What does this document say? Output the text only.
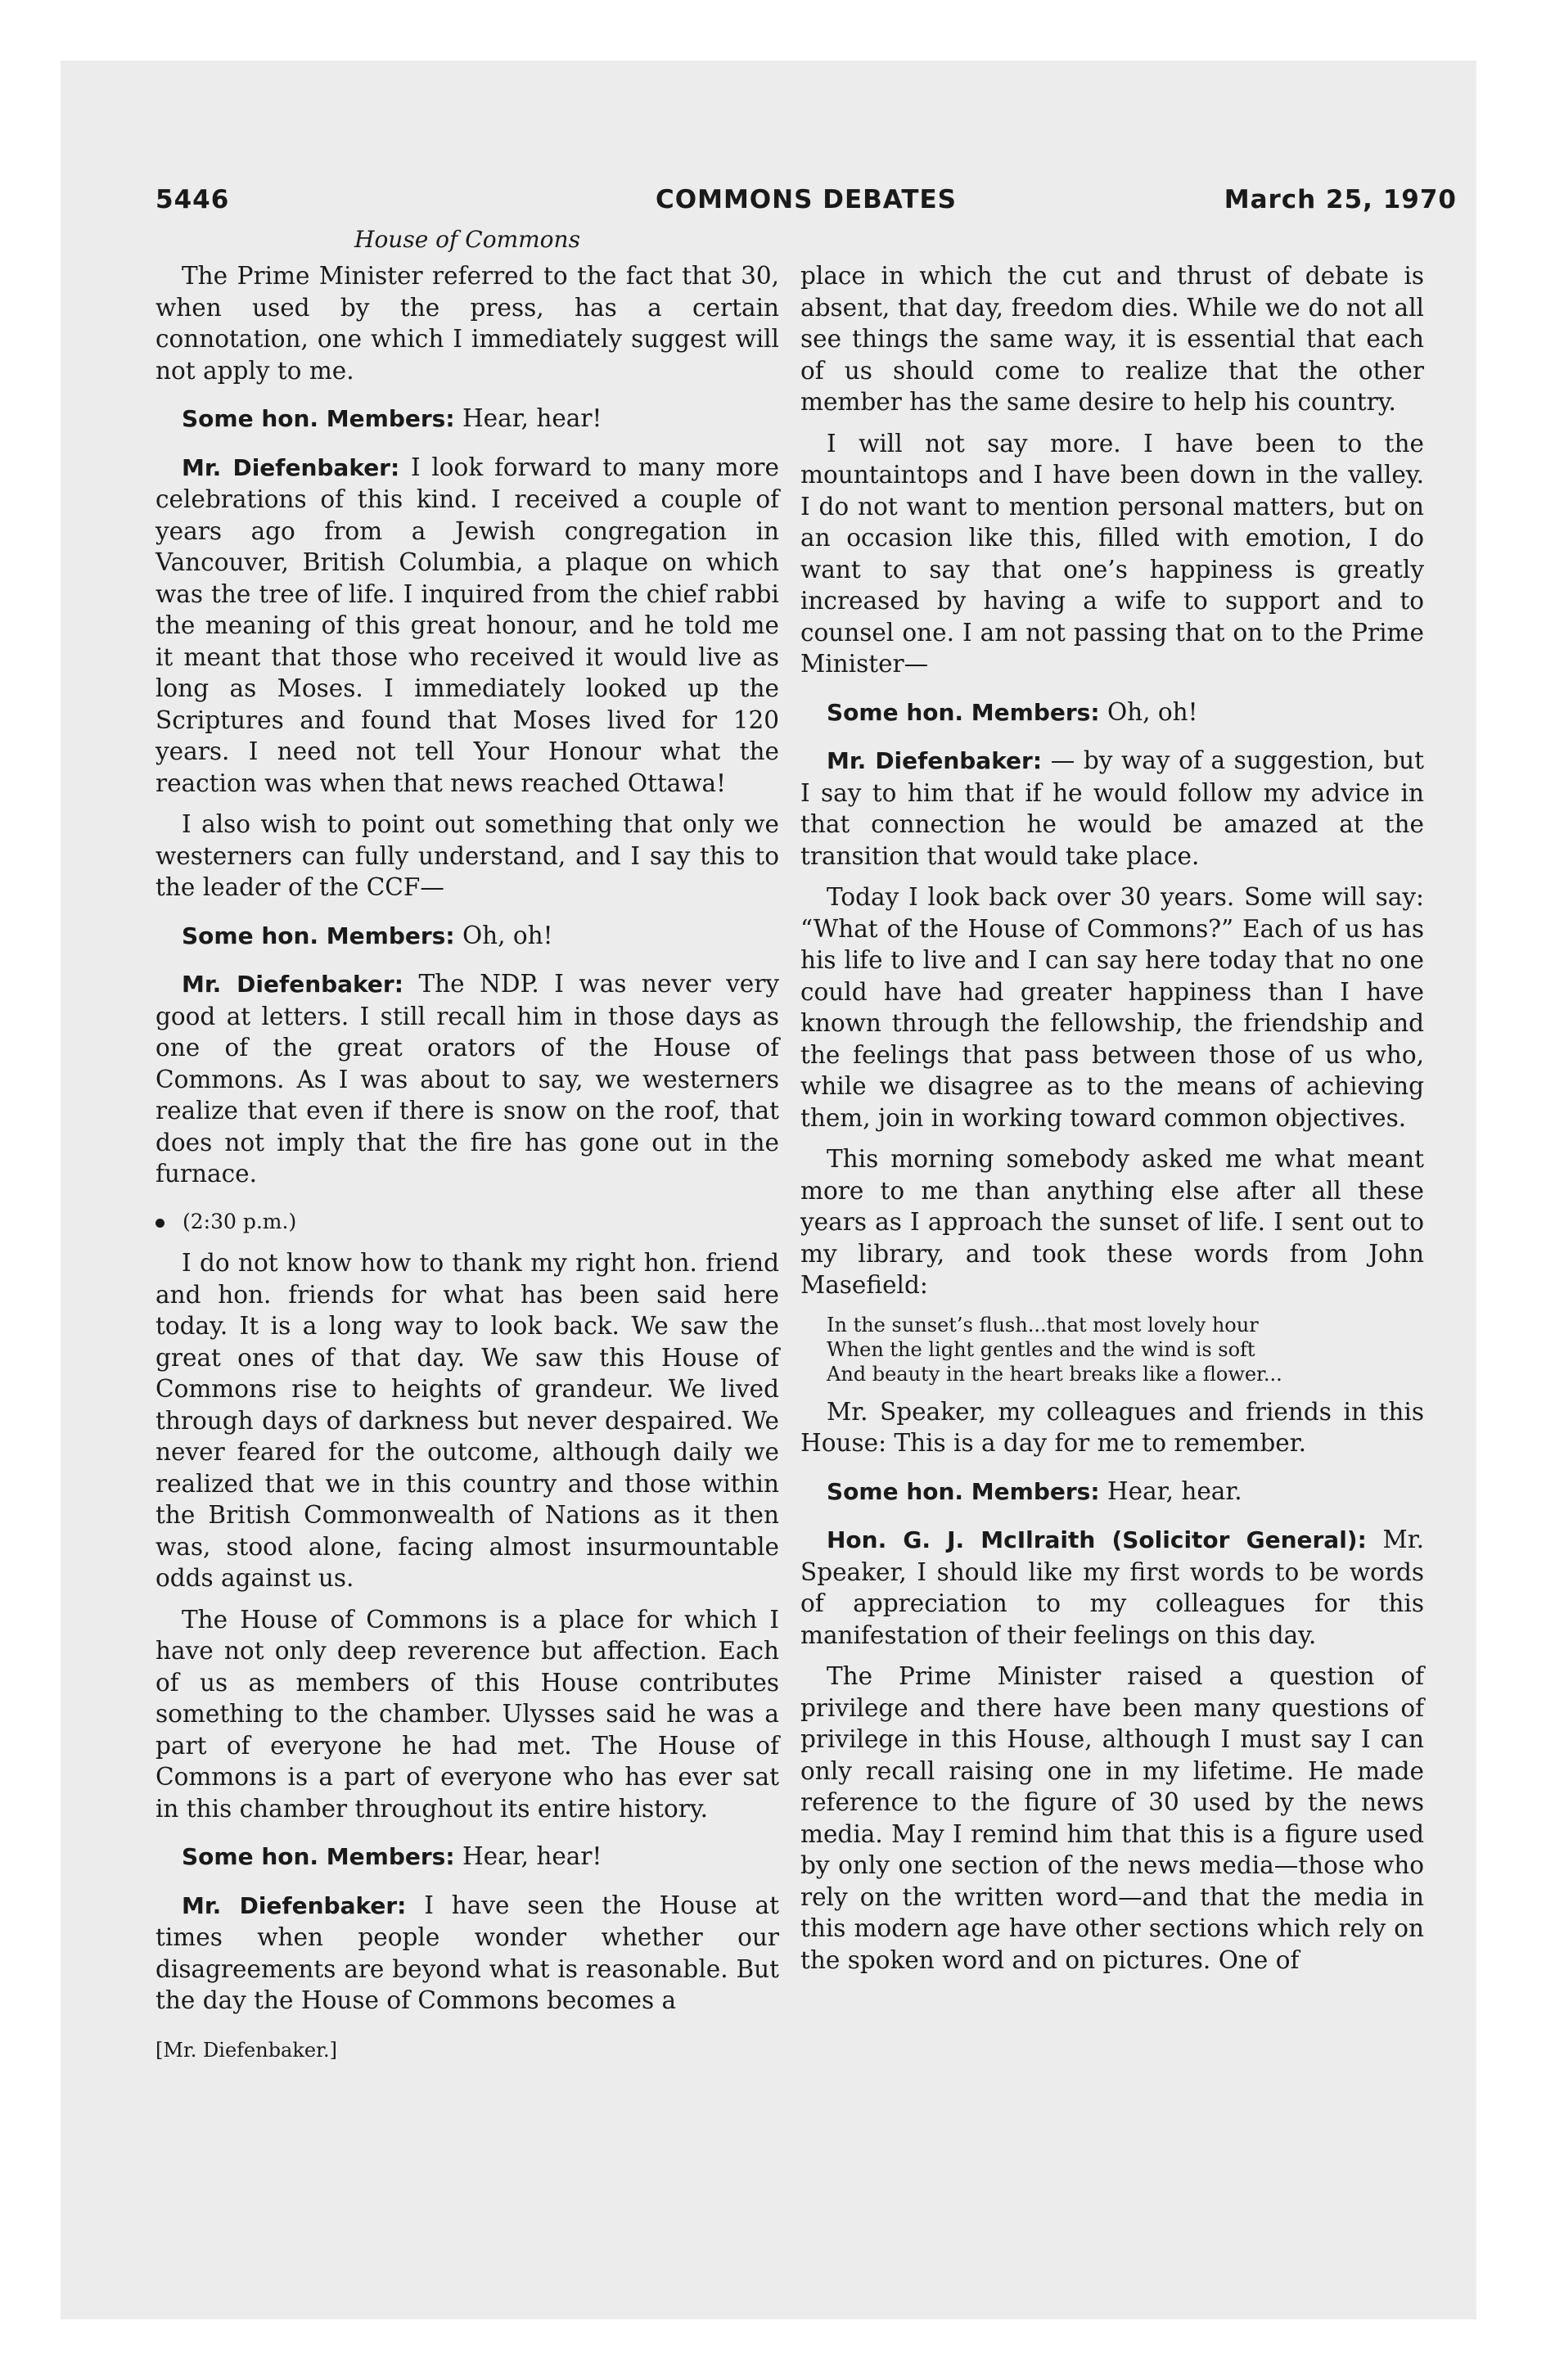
5446	COMMONS DEBATES	March 25, 1970
House of Commons

The Prime Minister referred to the fact that 30, when used by the press, has a certain connotation, one which I immediately suggest will not apply to me.

Some hon. Members: Hear, hear!

Mr. Diefenbaker: I look forward to many more celebrations of this kind. I received a couple of years ago from a Jewish congregation in Vancouver, British Columbia, a plaque on which was the tree of life. I inquired from the chief rabbi the meaning of this great honour, and he told me it meant that those who received it would live as long as Moses. I immediately looked up the Scriptures and found that Moses lived for 120 years. I need not tell Your Honour what the reaction was when that news reached Ottawa!

I also wish to point out something that only we westerners can fully understand, and I say this to the leader of the CCF—

Some hon. Members: Oh, oh!

Mr. Diefenbaker: The NDP. I was never very good at letters. I still recall him in those days as one of the great orators of the House of Commons. As I was about to say, we westerners realize that even if there is snow on the roof, that does not imply that the fire has gone out in the furnace.

(2:30 p.m.)

I do not know how to thank my right hon. friend and hon. friends for what has been said here today. It is a long way to look back. We saw the great ones of that day. We saw this House of Commons rise to heights of grandeur. We lived through days of darkness but never despaired. We never feared for the outcome, although daily we realized that we in this country and those within the British Commonwealth of Nations as it then was, stood alone, facing almost insurmountable odds against us.

The House of Commons is a place for which I have not only deep reverence but affection. Each of us as members of this House contributes something to the chamber. Ulysses said he was a part of everyone he had met. The House of Commons is a part of everyone who has ever sat in this chamber throughout its entire history.

Some hon. Members: Hear, hear!

Mr. Diefenbaker: I have seen the House at times when people wonder whether our disagreements are beyond what is reasonable. But the day the House of Commons becomes a

[Mr. Diefenbaker.]

place in which the cut and thrust of debate is absent, that day, freedom dies. While we do not all see things the same way, it is essential that each of us should come to realize that the other member has the same desire to help his country.

I will not say more. I have been to the mountaintops and I have been down in the valley. I do not want to mention personal matters, but on an occasion like this, filled with emotion, I do want to say that one’s happiness is greatly increased by having a wife to support and to counsel one. I am not passing that on to the Prime Minister—

Some hon. Members: Oh, oh!

Mr. Diefenbaker: — by way of a suggestion, but I say to him that if he would follow my advice in that connection he would be amazed at the transition that would take place.

Today I look back over 30 years. Some will say: “What of the House of Commons?” Each of us has his life to live and I can say here today that no one could have had greater happiness than I have known through the fellowship, the friendship and the feelings that pass between those of us who, while we disagree as to the means of achieving them, join in working toward common objectives.

This morning somebody asked me what meant more to me than anything else after all these years as I approach the sunset of life. I sent out to my library, and took these words from John Masefield:

In the sunset’s flush...that most lovely hour
When the light gentles and the wind is soft
And beauty in the heart breaks like a flower...

Mr. Speaker, my colleagues and friends in this House: This is a day for me to remember.

Some hon. Members: Hear, hear.

Hon. G. J. McIlraith (Solicitor General): Mr. Speaker, I should like my first words to be words of appreciation to my colleagues for this manifestation of their feelings on this day.

The Prime Minister raised a question of privilege and there have been many questions of privilege in this House, although I must say I can only recall raising one in my lifetime. He made reference to the figure of 30 used by the news media. May I remind him that this is a figure used by only one section of the news media—those who rely on the written word—and that the media in this modern age have other sections which rely on the spoken word and on pictures. One of
